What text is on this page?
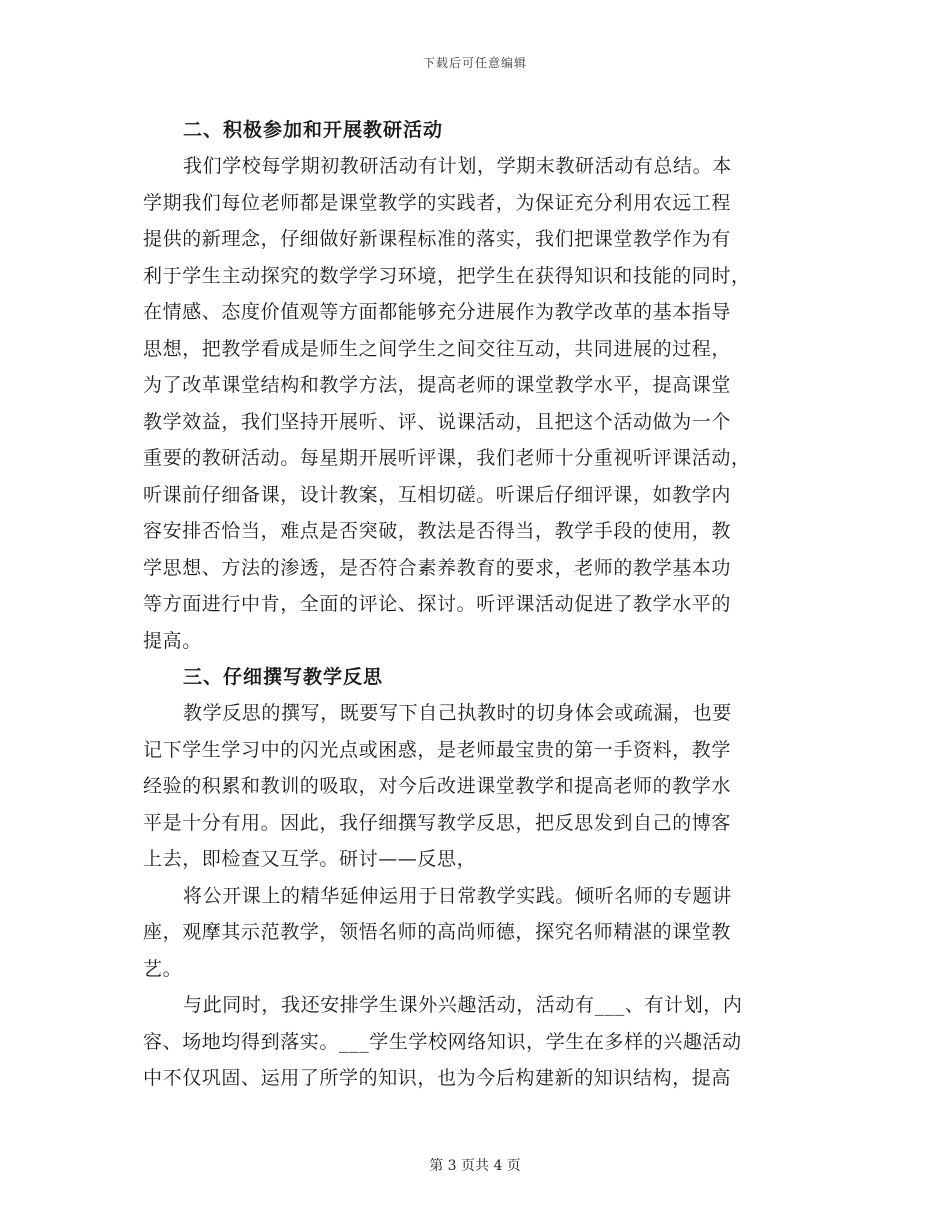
下载后可任意编辑
二、积极参加和开展教研活动
我们学校每学期初教研活动有计划，学期末教研活动有总结。本
学期我们每位老师都是课堂教学的实践者，为保证充分利用农远工程
提供的新理念，仔细做好新课程标准的落实，我们把课堂教学作为有
利于学生主动探究的数学学习环境，把学生在获得知识和技能的同时，
在情感、态度价值观等方面都能够充分进展作为教学改革的基本指导
思想，把教学看成是师生之间学生之间交往互动，共同进展的过程，
为了改革课堂结构和教学方法，提高老师的课堂教学水平，提高课堂
教学效益，我们坚持开展听、评、说课活动，且把这个活动做为一个
重要的教研活动。每星期开展听评课，我们老师十分重视听评课活动，
听课前仔细备课，设计教案，互相切磋。听课后仔细评课，如教学内
容安排否恰当，难点是否突破，教法是否得当，教学手段的使用，教
学思想、方法的渗透，是否符合素养教育的要求，老师的教学基本功
等方面进行中肯，全面的评论、探讨。听评课活动促进了教学水平的
提高。
三、仔细撰写教学反思
教学反思的撰写，既要写下自己执教时的切身体会或疏漏，也要
记下学生学习中的闪光点或困惑，是老师最宝贵的第一手资料，教学
经验的积累和教训的吸取，对今后改进课堂教学和提高老师的教学水
平是十分有用。因此，我仔细撰写教学反思，把反思发到自己的博客
上去，即检查又互学。研讨——反思，
将公开课上的精华延伸运用于日常教学实践。倾听名师的专题讲
座，观摩其示范教学，领悟名师的高尚师德，探究名师精湛的课堂教
艺。
与此同时，我还安排学生课外兴趣活动，活动有___、有计划，内
容、场地均得到落实。___学生学校网络知识，学生在多样的兴趣活动
中不仅巩固、运用了所学的知识，也为今后构建新的知识结构，提高
第 3 页共 4 页
